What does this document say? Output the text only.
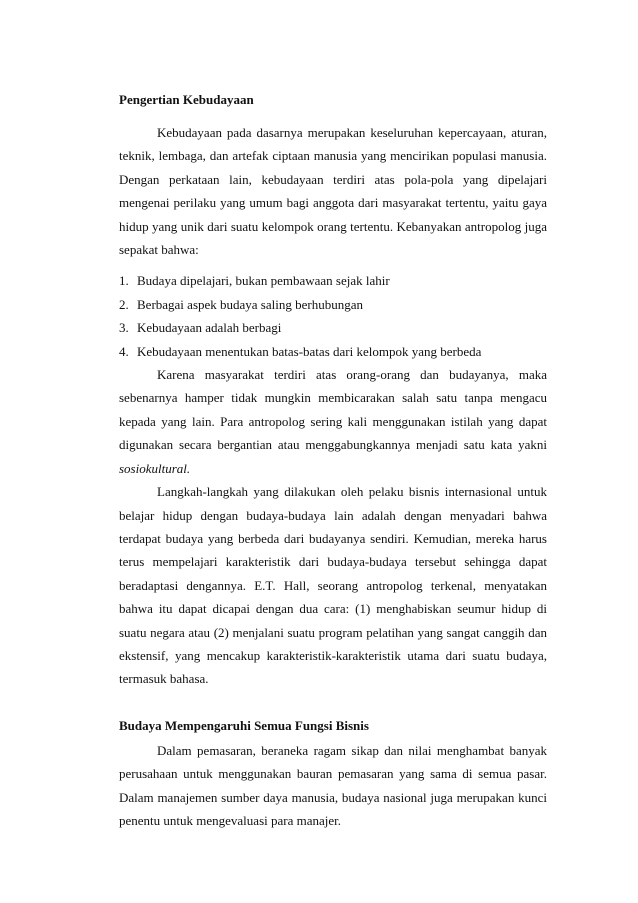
Pengertian Kebudayaan

Kebudayaan pada dasarnya merupakan keseluruhan kepercayaan, aturan, teknik, lembaga, dan artefak ciptaan manusia yang mencirikan populasi manusia. Dengan perkataan lain, kebudayaan terdiri atas pola-pola yang dipelajari mengenai perilaku yang umum bagi anggota dari masyarakat tertentu, yaitu gaya hidup yang unik dari suatu kelompok orang tertentu. Kebanyakan antropolog juga sepakat bahwa:

1. Budaya dipelajari, bukan pembawaan sejak lahir
2. Berbagai aspek budaya saling berhubungan
3. Kebudayaan adalah berbagi
4. Kebudayaan menentukan batas-batas dari kelompok yang berbeda

Karena masyarakat terdiri atas orang-orang dan budayanya, maka sebenarnya hamper tidak mungkin membicarakan salah satu tanpa mengacu kepada yang lain. Para antropolog sering kali menggunakan istilah yang dapat digunakan secara bergantian atau menggabungkannya menjadi satu kata yakni sosiokultural.

Langkah-langkah yang dilakukan oleh pelaku bisnis internasional untuk belajar hidup dengan budaya-budaya lain adalah dengan menyadari bahwa terdapat budaya yang berbeda dari budayanya sendiri. Kemudian, mereka harus terus mempelajari karakteristik dari budaya-budaya tersebut sehingga dapat beradaptasi dengannya. E.T. Hall, seorang antropolog terkenal, menyatakan bahwa itu dapat dicapai dengan dua cara: (1) menghabiskan seumur hidup di suatu negara atau (2) menjalani suatu program pelatihan yang sangat canggih dan ekstensif, yang mencakup karakteristik-karakteristik utama dari suatu budaya, termasuk bahasa.

Budaya Mempengaruhi Semua Fungsi Bisnis

Dalam pemasaran, beraneka ragam sikap dan nilai menghambat banyak perusahaan untuk menggunakan bauran pemasaran yang sama di semua pasar. Dalam manajemen sumber daya manusia, budaya nasional juga merupakan kunci penentu untuk mengevaluasi para manajer.
